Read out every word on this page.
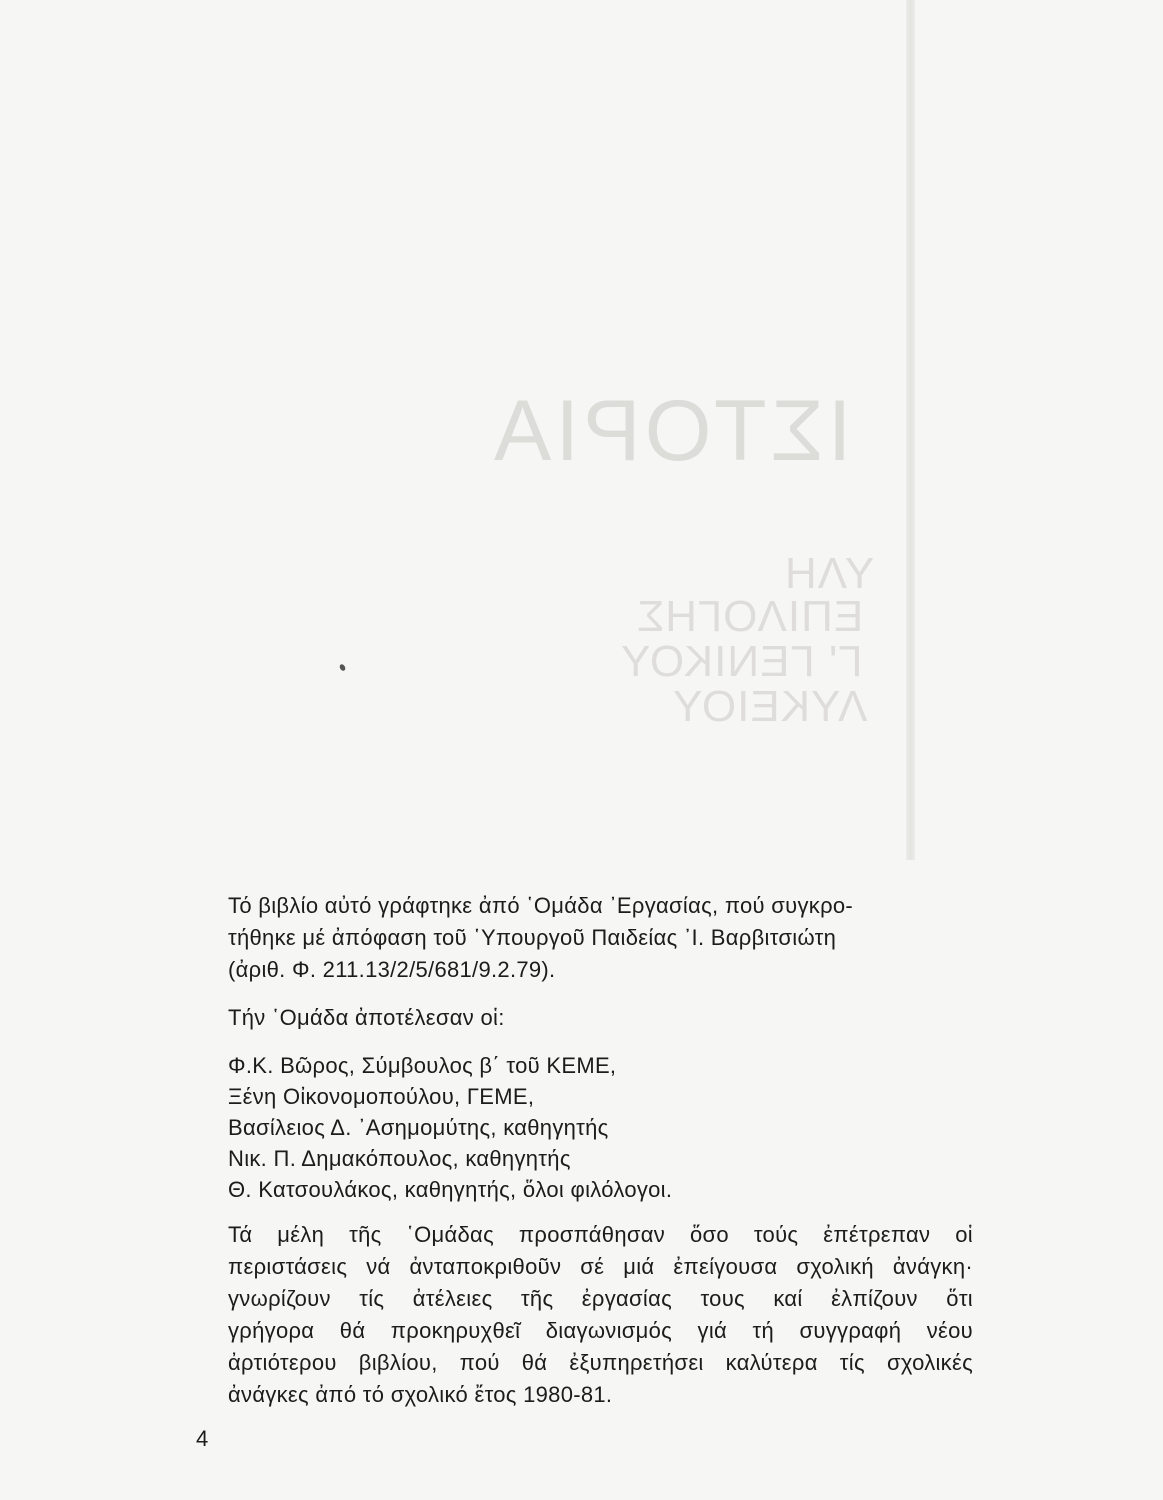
ΙΣΤΟΡΙΑ
ΥΛΗ
ΕΠΙΛΟΓΗΣ
Γ' ΓΕΝΙΚΟΥ
ΛΥΚΕΙΟΥ
Τό βιβλίο αὐτό γράφτηκε ἀπό ῾Ομάδα ᾿Εργασίας, πού συγκρο-
τήθηκε μέ ἀπόφαση τοῦ ῾Υπουργοῦ Παιδείας ᾿Ι. Βαρβιτσιώτη
(ἀριθ. Φ. 211.13/2/5/681/9.2.79).

Τήν ῾Ομάδα ἀποτέλεσαν οἱ:

Φ.Κ. Βῶρος, Σύμβουλος β΄ τοῦ ΚΕΜΕ,
Ξένη Οἰκονομοπούλου, ΓΕΜΕ,
Βασίλειος Δ. ᾿Ασημομύτης, καθηγητής
Νικ. Π. Δημακόπουλος, καθηγητής
Θ. Κατσουλάκος, καθηγητής, ὅλοι φιλόλογοι.
Τά μέλη τῆς ῾Ομάδας προσπάθησαν ὅσο τούς ἐπέτρεπαν οἱ
περιστάσεις νά ἀνταποκριθοῦν σέ μιά ἐπείγουσα σχολική ἀνάγκη·
γνωρίζουν τίς ἀτέλειες τῆς ἐργασίας τους καί ἐλπίζουν ὅτι
γρήγορα θά προκηρυχθεῖ διαγωνισμός γιά τή συγγραφή νέου
ἀρτιότερου βιβλίου, πού θά ἐξυπηρετήσει καλύτερα τίς σχολικές
ἀνάγκες ἀπό τό σχολικό ἔτος 1980-81.
4
